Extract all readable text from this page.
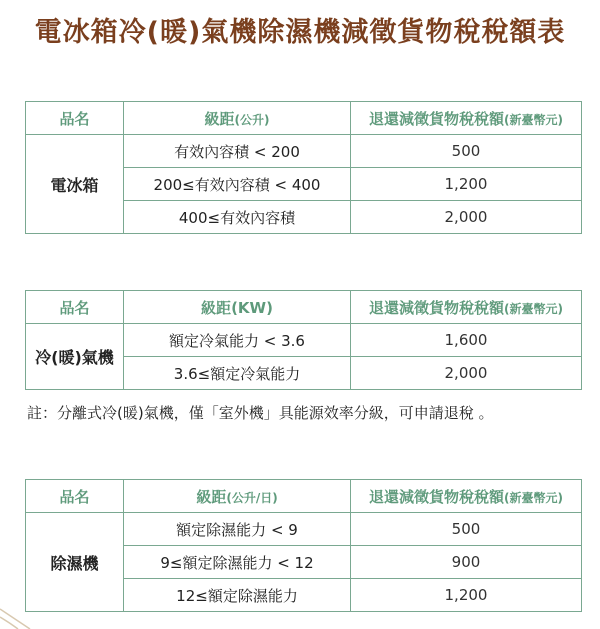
電冰箱冷(暖)氣機除濕機減徵貨物稅稅額表
品名	級距(公升)	退還減徵貨物稅稅額(新臺幣元)
電冰箱	有效內容積 < 200	500
	200≤有效內容積 < 400	1,200
	400≤有效內容積	2,000
品名	級距(KW)	退還減徵貨物稅稅額(新臺幣元)
冷(暖)氣機	額定冷氣能力 < 3.6	1,600
	3.6≤額定冷氣能力	2,000
註：分離式冷(暖)氣機，僅「室外機」具能源效率分級，可申請退稅 。
品名	級距(公升/日)	退還減徵貨物稅稅額(新臺幣元)
除濕機	額定除濕能力 < 9	500
	9≤額定除濕能力 < 12	900
	12≤額定除濕能力	1,200
